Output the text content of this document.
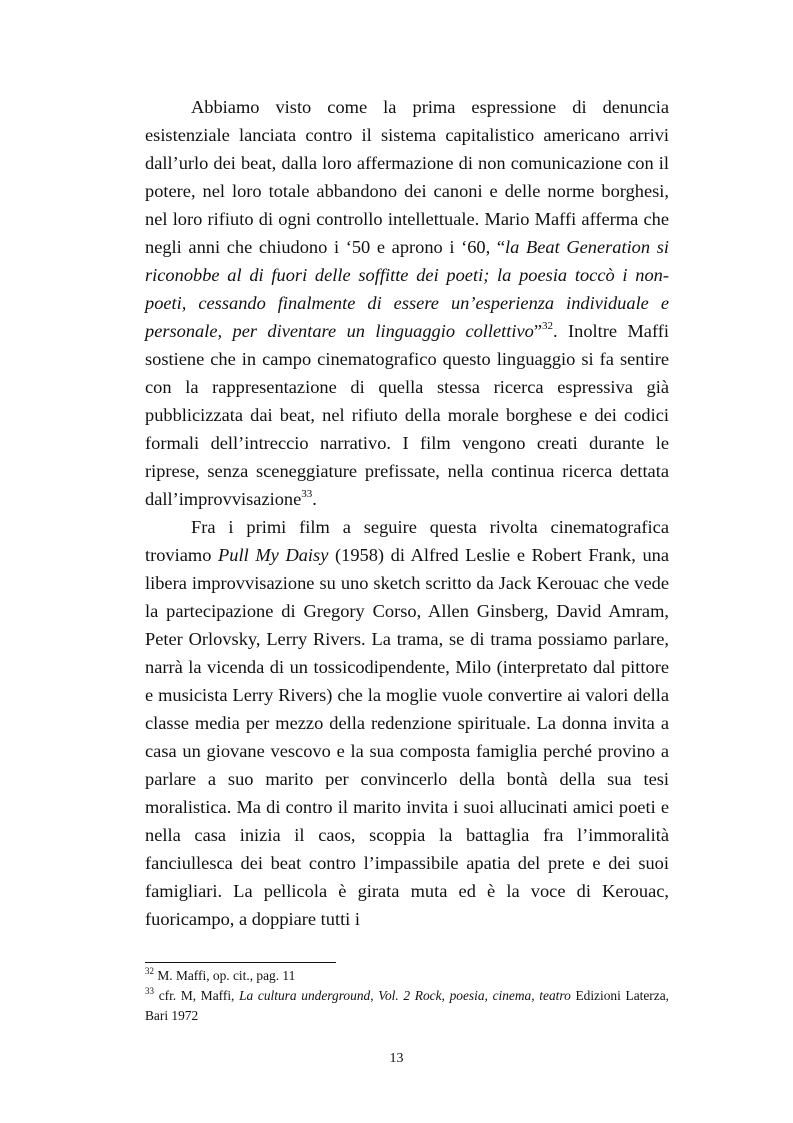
Abbiamo visto come la prima espressione di denuncia esistenziale lanciata contro il sistema capitalistico americano arrivi dall’urlo dei beat, dalla loro affermazione di non comunicazione con il potere, nel loro totale abbandono dei canoni e delle norme borghesi, nel loro rifiuto di ogni controllo intellettuale. Mario Maffi afferma che negli anni che chiudono i ‘50 e aprono i ‘60, “la Beat Generation si riconobbe al di fuori delle soffitte dei poeti; la poesia toccò i non-poeti, cessando finalmente di essere un’esperienza individuale e personale, per diventare un linguaggio collettivo”$^{32}$. Inoltre Maffi sostiene che in campo cinematografico questo linguaggio si fa sentire con la rappresentazione di quella stessa ricerca espressiva già pubblicizzata dai beat, nel rifiuto della morale borghese e dei codici formali dell’intreccio narrativo. I film vengono creati durante le riprese, senza sceneggiature prefissate, nella continua ricerca dettata dall’improvvisazione$^{33}$.

Fra i primi film a seguire questa rivolta cinematografica troviamo Pull My Daisy (1958) di Alfred Leslie e Robert Frank, una libera improvvisazione su uno sketch scritto da Jack Kerouac che vede la partecipazione di Gregory Corso, Allen Ginsberg, David Amram, Peter Orlovsky, Lerry Rivers. La trama, se di trama possiamo parlare, narrà la vicenda di un tossicodipendente, Milo (interpretato dal pittore e musicista Lerry Rivers) che la moglie vuole convertire ai valori della classe media per mezzo della redenzione spirituale. La donna invita a casa un giovane vescovo e la sua composta famiglia perché provino a parlare a suo marito per convincerlo della bontà della sua tesi moralistica. Ma di contro il marito invita i suoi allucinati amici poeti e nella casa inizia il caos, scoppia la battaglia fra l’immoralità fanciullesca dei beat contro l’impassibile apatia del prete e dei suoi famigliari. La pellicola è girata muta ed è la voce di Kerouac, fuoricampo, a doppiare tutti i

$^{32}$ M. Maffi, op. cit., pag. 11

$^{33}$ cfr. M, Maffi, La cultura underground, Vol. 2 Rock, poesia, cinema, teatro Edizioni Laterza, Bari 1972

13
